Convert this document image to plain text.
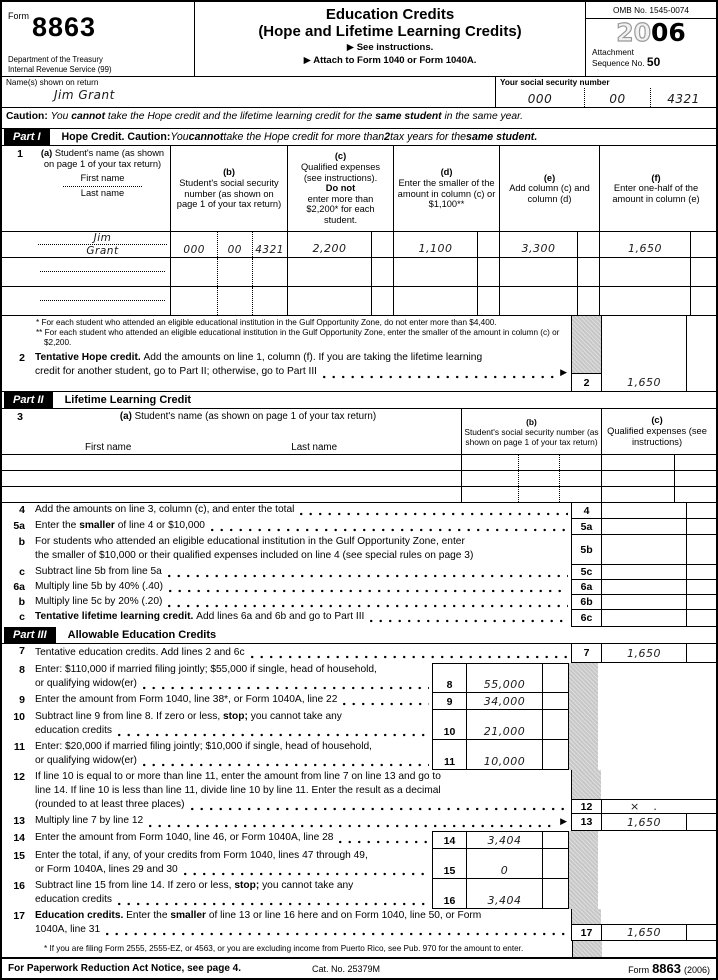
Form 8863
Department of the Treasury
Internal Revenue Service (99)
Education Credits
(Hope and Lifetime Learning Credits)
▶ See instructions.
▶ Attach to Form 1040 or Form 1040A.
OMB No. 1545-0074
2006
Attachment
Sequence No. 50
Name(s) shown on return
Jim Grant
Your social security number
000	00	4321
Caution: You cannot take the Hope credit and the lifetime learning credit for the same student in the same year.
Part I	Hope Credit. Caution: You cannot take the Hope credit for more than 2 tax years for the same student.
1	(a) Student's name (as shown on page 1 of your tax return)
First name
Last name
(b)
Student's social security number (as shown on page 1 of your tax return)
(c)
Qualified expenses (see instructions).
Do not
enter more than $2,200* for each student.
(d)
Enter the smaller of the amount in column (c) or $1,100**
(e)
Add column (c) and column (d)
(f)
Enter one-half of the amount in column (e)
Jim
Grant	000	00	4321	2,200	1,100	3,300	1,650
* For each student who attended an eligible educational institution in the Gulf Opportunity Zone, do not enter more than $4,400.
** For each student who attended an eligible educational institution in the Gulf Opportunity Zone, enter the smaller of the amount in column (c) or $2,200.
2 Tentative Hope credit. Add the amounts on line 1, column (f). If you are taking the lifetime learning
credit for another student, go to Part II; otherwise, go to Part III	▶
2	1,650
Part II	Lifetime Learning Credit
3	(a) Student's name (as shown on page 1 of your tax return)
First name	Last name
(b)
Student's social security number (as shown on page 1 of your tax return)
(c)
Qualified expenses (see instructions)
4 Add the amounts on line 3, column (c), and enter the total	4
5a Enter the smaller of line 4 or $10,000	5a
b For students who attended an eligible educational institution in the Gulf Opportunity Zone, enter
the smaller of $10,000 or their qualified expenses included on line 4 (see special rules on page 3)	5b
c Subtract line 5b from line 5a	5c
6a Multiply line 5b by 40% (.40)	6a
b Multiply line 5c by 20% (.20)	6b
c Tentative lifetime learning credit. Add lines 6a and 6b and go to Part III	6c
Part III	Allowable Education Credits
7 Tentative education credits. Add lines 2 and 6c	7	1,650
8 Enter: $110,000 if married filing jointly; $55,000 if single, head of household,
or qualifying widow(er)	8	55,000
9 Enter the amount from Form 1040, line 38*, or Form 1040A, line 22	9	34,000
10 Subtract line 9 from line 8. If zero or less, stop; you cannot take any
education credits	10	21,000
11 Enter: $20,000 if married filing jointly; $10,000 if single, head of household,
or qualifying widow(er)	11	10,000
12 If line 10 is equal to or more than line 11, enter the amount from line 7 on line 13 and go to
line 14. If line 10 is less than line 11, divide line 10 by line 11. Enter the result as a decimal
(rounded to at least three places)	12	× .
13 Multiply line 7 by line 12	▶	13	1,650
14 Enter the amount from Form 1040, line 46, or Form 1040A, line 28	14	3,404
15 Enter the total, if any, of your credits from Form 1040, lines 47 through 49,
or Form 1040A, lines 29 and 30	15	0
16 Subtract line 15 from line 14. If zero or less, stop; you cannot take any
education credits	16	3,404
17 Education credits. Enter the smaller of line 13 or line 16 here and on Form 1040, line 50, or Form
1040A, line 31	17	1,650
* If you are filing Form 2555, 2555-EZ, or 4563, or you are excluding income from Puerto Rico, see Pub. 970 for the amount to enter.
For Paperwork Reduction Act Notice, see page 4.	Cat. No. 25379M	Form 8863 (2006)
